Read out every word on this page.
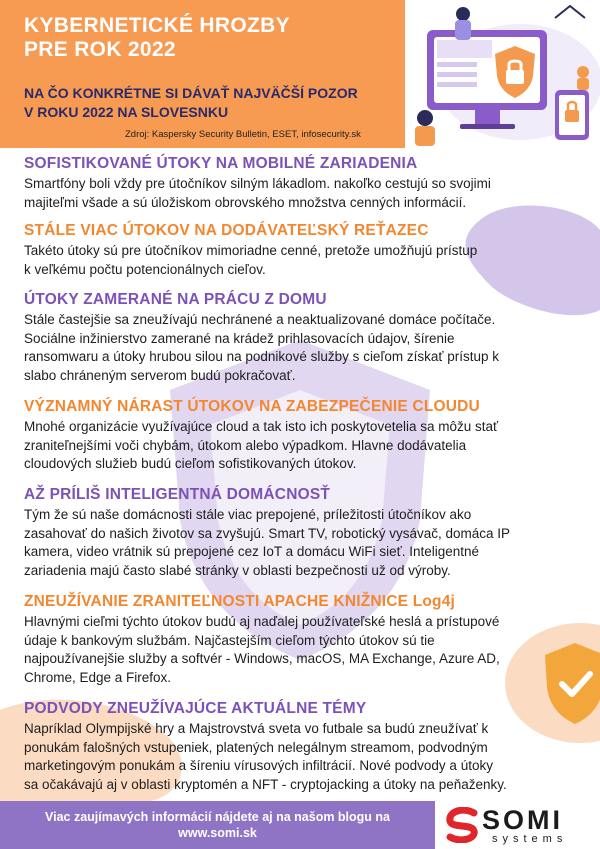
KYBERNETICKÉ HROZBY
PRE ROK 2022
NA ČO KONKRÉTNE SI DÁVAŤ NAJVÄČŠÍ POZOR
V ROKU 2022 NA SLOVESNKU
Zdroj: Kaspersky Security Bulletin, ESET, infosecurity.sk
SOFISTIKOVANÉ ÚTOKY NA MOBILNÉ ZARIADENIA

Smartfóny boli vždy pre útočníkov silným lákadlom. nakoľko cestujú so svojimi
majiteľmi všade a sú úložiskom obrovského množstva cenných informácií.

STÁLE VIAC ÚTOKOV NA DODÁVATEĽSKÝ REŤAZEC

Takéto útoky sú pre útočníkov mimoriadne cenné, pretože umožňujú prístup
k veľkému počtu potencionálnych cieľov.

ÚTOKY ZAMERANÉ NA PRÁCU Z DOMU

Stále častejšie sa zneužívajú nechránené a neaktualizované domáce počítače.
Sociálne inžinierstvo zamerané na krádež prihlasovacích údajov, šírenie
ransomwaru a útoky hrubou silou na podnikové služby s cieľom získať prístup k
slabo chráneným serverom budú pokračovať.

VÝZNAMNÝ NÁRAST ÚTOKOV NA ZABEZPEČENIE CLOUDU

Mnohé organizácie využívajúce cloud a tak isto ich poskytovetelia sa môžu stať
zraniteľnejšími voči chybám, útokom alebo výpadkom. Hlavne dodávatelia
cloudových služieb budú cieľom sofistikovaných útokov.

AŽ PRÍLIŠ INTELIGENTNÁ DOMÁCNOSŤ

Tým že sú naše domácnosti stále viac prepojené, príležitosti útočníkov ako
zasahovať do našich životov sa zvyšujú. Smart TV, robotický vysávač, domáca IP
kamera, video vrátnik sú prepojené cez IoT a domácu WiFi sieť. Inteligentné
zariadenia majú často slabé stránky v oblasti bezpečnosti už od výroby.

ZNEUŽÍVANIE ZRANITEĽNOSTI APACHE KNIŽNICE Log4j

Hlavnými cieľmi týchto útokov budú aj naďalej používateľské heslá a prístupové
údaje k bankovým službám. Najčastejším cieľom týchto útokov sú tie
najpoužívanejšie služby a softvér - Windows, macOS, MA Exchange, Azure AD,
Chrome, Edge a Firefox.

PODVODY ZNEUŽÍVAJÚCE AKTUÁLNE TÉMY

Napríklad Olympijské hry a Majstrovstvá sveta vo futbale sa budú zneužívať k
ponukám falošných vstupeniek, platených nelegálnym streamom, podvodným
marketingovým ponukám a šíreniu vírusových infiltrácií. Nové podvody a útoky
sa očakávajú aj v oblasti kryptomén a NFT - cryptojacking a útoky na peňaženky.

Viac zaujímavých informácií nájdete aj na našom blogu na
www.somi.sk	SOMI
systems
